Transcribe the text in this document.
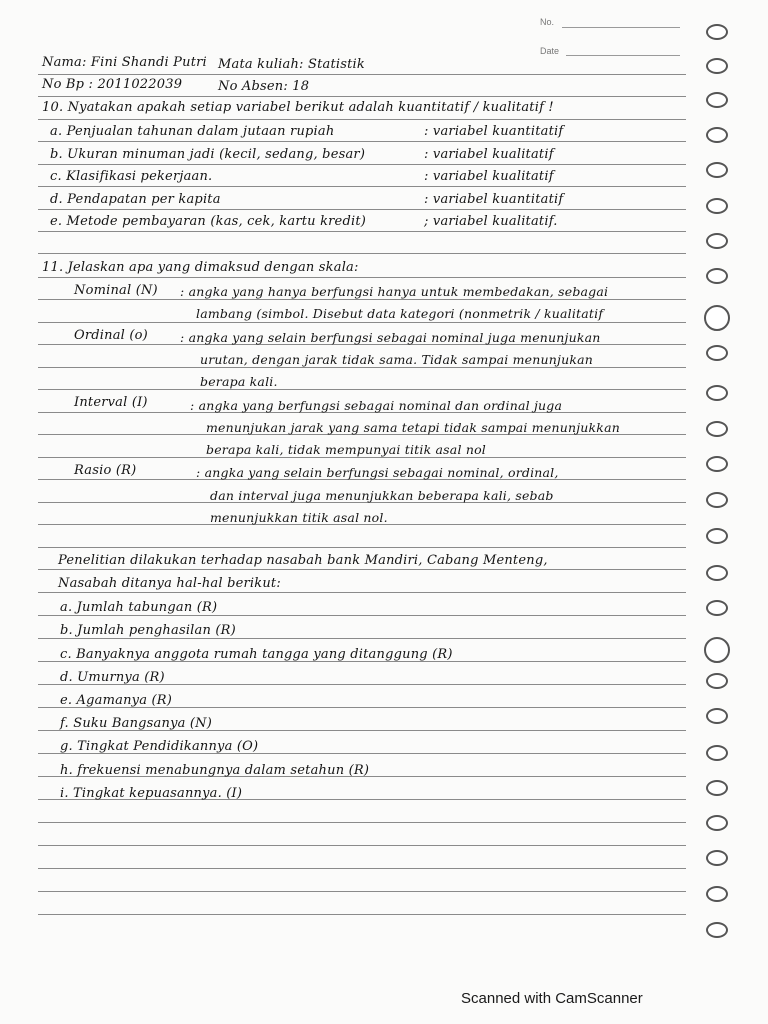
No.
Date
Nama: Fini Shandi Putri Mata kuliah: Statistik
No Bp : 2011022039	No Absen: 18
10. Nyatakan apakah setiap variabel berikut adalah kuantitatif / kualitatif !
a. Penjualan tahunan dalam jutaan rupiah	: variabel kuantitatif
b. Ukuran minuman jadi (kecil, sedang, besar)	: variabel kualitatif
c. Klasifikasi pekerjaan.	: variabel kualitatif
d. Pendapatan per kapita	: variabel kuantitatif
e. Metode pembayaran (kas, cek, kartu kredit)	; variabel kualitatif.
11. Jelaskan apa yang dimaksud dengan skala:
Nominal (N) : angka yang hanya berfungsi hanya untuk membedakan, sebagai
lambang (simbol. Disebut data kategori (nonmetrik / kualitatif
Ordinal (o)	: angka yang selain berfungsi sebagai nominal juga menunjukan
urutan, dengan jarak tidak sama. Tidak sampai menunjukan
berapa kali.
Interval (I)	: angka yang berfungsi sebagai nominal dan ordinal juga
menunjukan jarak yang sama tetapi tidak sampai menunjukkan
berapa kali, tidak mempunyai titik asal nol
Rasio (R)	: angka yang selain berfungsi sebagai nominal, ordinal,
dan interval juga menunjukkan beberapa kali, sebab
menunjukkan titik asal nol.
Penelitian dilakukan terhadap nasabah bank Mandiri, Cabang Menteng,
Nasabah ditanya hal-hal berikut:
a. Jumlah tabungan (R)
b. Jumlah penghasilan (R)
c. Banyaknya anggota rumah tangga yang ditanggung (R)
d. Umurnya (R)
e. Agamanya (R)
f. Suku Bangsanya (N)
g. Tingkat Pendidikannya (O)
h. frekuensi menabungnya dalam setahun (R)
i. Tingkat kepuasannya. (I)
Scanned with CamScanner
